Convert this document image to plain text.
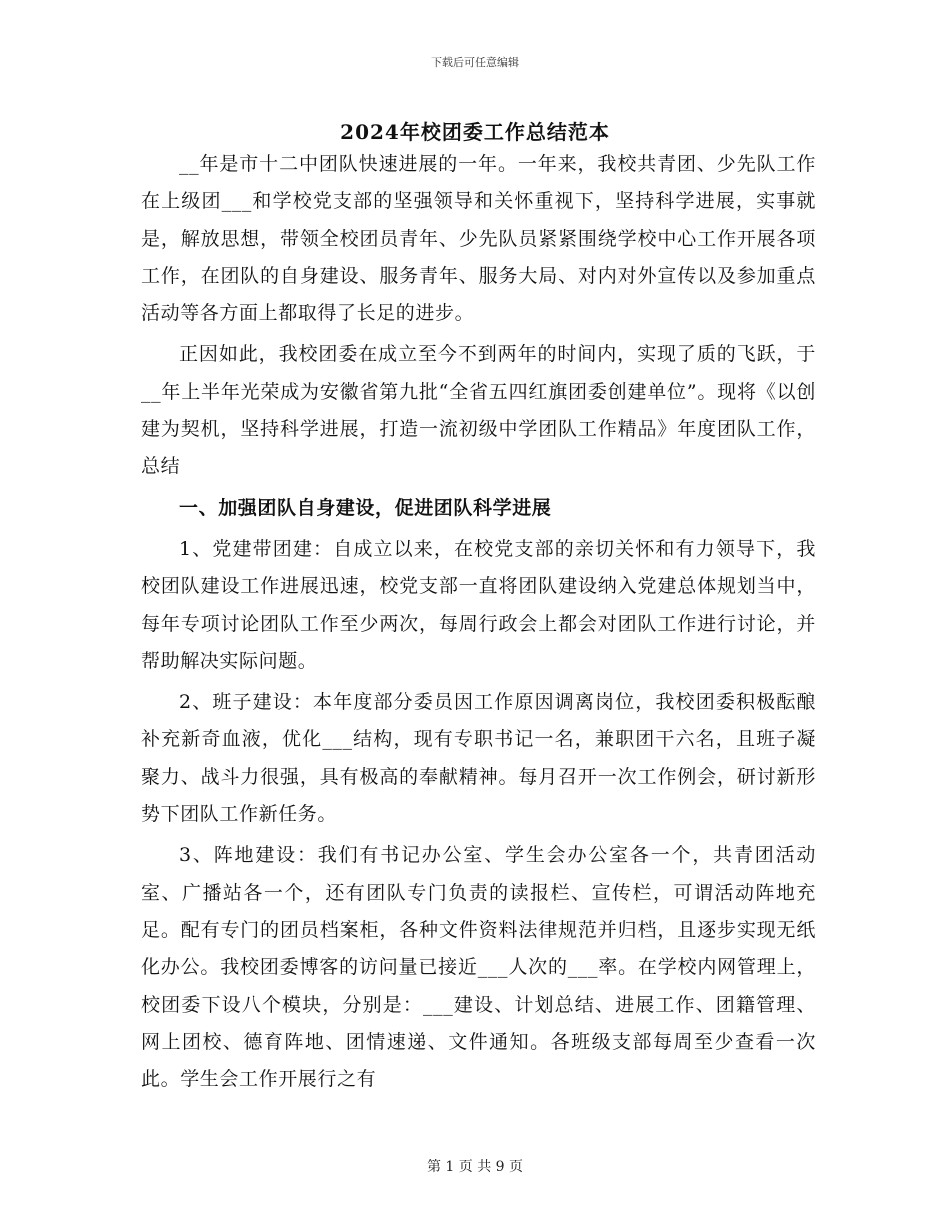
下载后可任意编辑
2024年校团委工作总结范本

__年是市十二中团队快速进展的一年。一年来，我校共青团、少先队工作在上级团___和学校党支部的坚强领导和关怀重视下，坚持科学进展，实事就是，解放思想，带领全校团员青年、少先队员紧紧围绕学校中心工作开展各项工作，在团队的自身建设、服务青年、服务大局、对内对外宣传以及参加重点活动等各方面上都取得了长足的进步。

正因如此，我校团委在成立至今不到两年的时间内，实现了质的飞跃，于__年上半年光荣成为安徽省第九批“全省五四红旗团委创建单位”。现将《以创建为契机，坚持科学进展，打造一流初级中学团队工作精品》年度团队工作，总结

一、加强团队自身建设，促进团队科学进展

1、党建带团建：自成立以来，在校党支部的亲切关怀和有力领导下，我校团队建设工作进展迅速，校党支部一直将团队建设纳入党建总体规划当中，每年专项讨论团队工作至少两次，每周行政会上都会对团队工作进行讨论，并帮助解决实际问题。

2、班子建设：本年度部分委员因工作原因调离岗位，我校团委积极酝酿补充新奇血液，优化___结构，现有专职书记一名，兼职团干六名，且班子凝聚力、战斗力很强，具有极高的奉献精神。每月召开一次工作例会，研讨新形势下团队工作新任务。

3、阵地建设：我们有书记办公室、学生会办公室各一个，共青团活动室、广播站各一个，还有团队专门负责的读报栏、宣传栏，可谓活动阵地充足。配有专门的团员档案柜，各种文件资料法律规范并归档，且逐步实现无纸化办公。我校团委博客的访问量已接近___人次的___率。在学校内网管理上，校团委下设八个模块，分别是：___建设、计划总结、进展工作、团籍管理、网上团校、德育阵地、团情速递、文件通知。各班级支部每周至少查看一次此。学生会工作开展行之有

第 1 页 共 9 页
